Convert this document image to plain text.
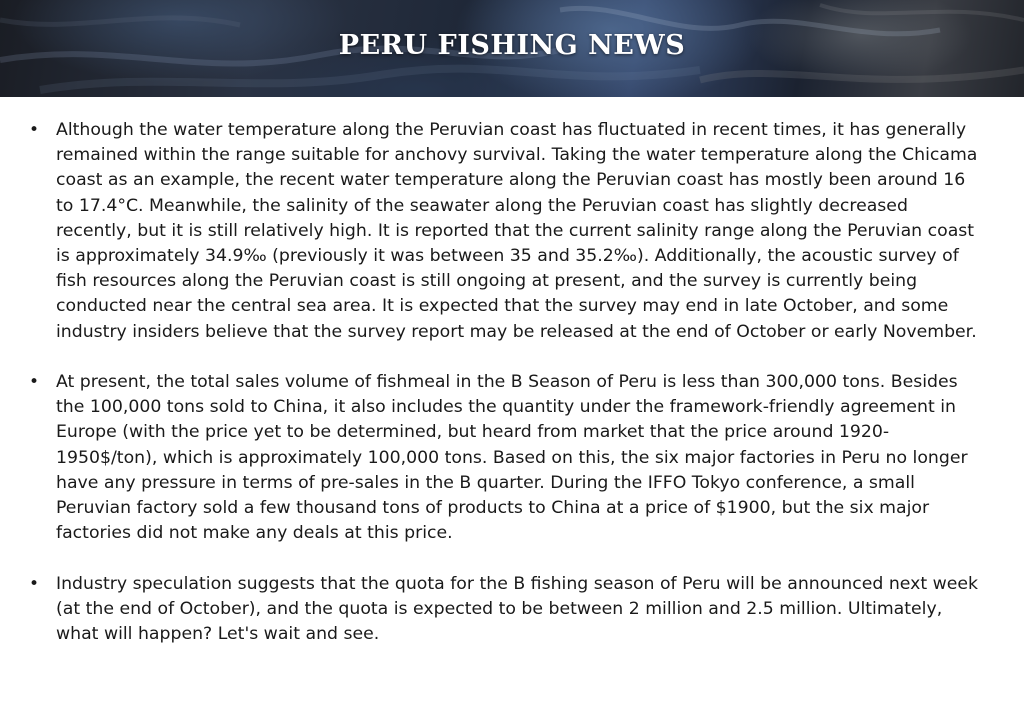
PERU FISHING NEWS
• Although the water temperature along the Peruvian coast has fluctuated in recent times, it has generally remained within the range suitable for anchovy survival. Taking the water temperature along the Chicama coast as an example, the recent water temperature along the Peruvian coast has mostly been around 16 to 17.4°C. Meanwhile, the salinity of the seawater along the Peruvian coast has slightly decreased recently, but it is still relatively high. It is reported that the current salinity range along the Peruvian coast is approximately 34.9‰ (previously it was between 35 and 35.2‰). Additionally, the acoustic survey of fish resources along the Peruvian coast is still ongoing at present, and the survey is currently being conducted near the central sea area. It is expected that the survey may end in late October, and some industry insiders believe that the survey report may be released at the end of October or early November.
• At present, the total sales volume of fishmeal in the B Season of Peru is less than 300,000 tons. Besides the 100,000 tons sold to China, it also includes the quantity under the framework-friendly agreement in Europe (with the price yet to be determined, but heard from market that the price around 1920-1950$/ton), which is approximately 100,000 tons. Based on this, the six major factories in Peru no longer have any pressure in terms of pre-sales in the B quarter. During the IFFO Tokyo conference, a small Peruvian factory sold a few thousand tons of products to China at a price of $1900, but the six major factories did not make any deals at this price.
• Industry speculation suggests that the quota for the B fishing season of Peru will be announced next week (at the end of October), and the quota is expected to be between 2 million and 2.5 million. Ultimately, what will happen? Let's wait and see.
